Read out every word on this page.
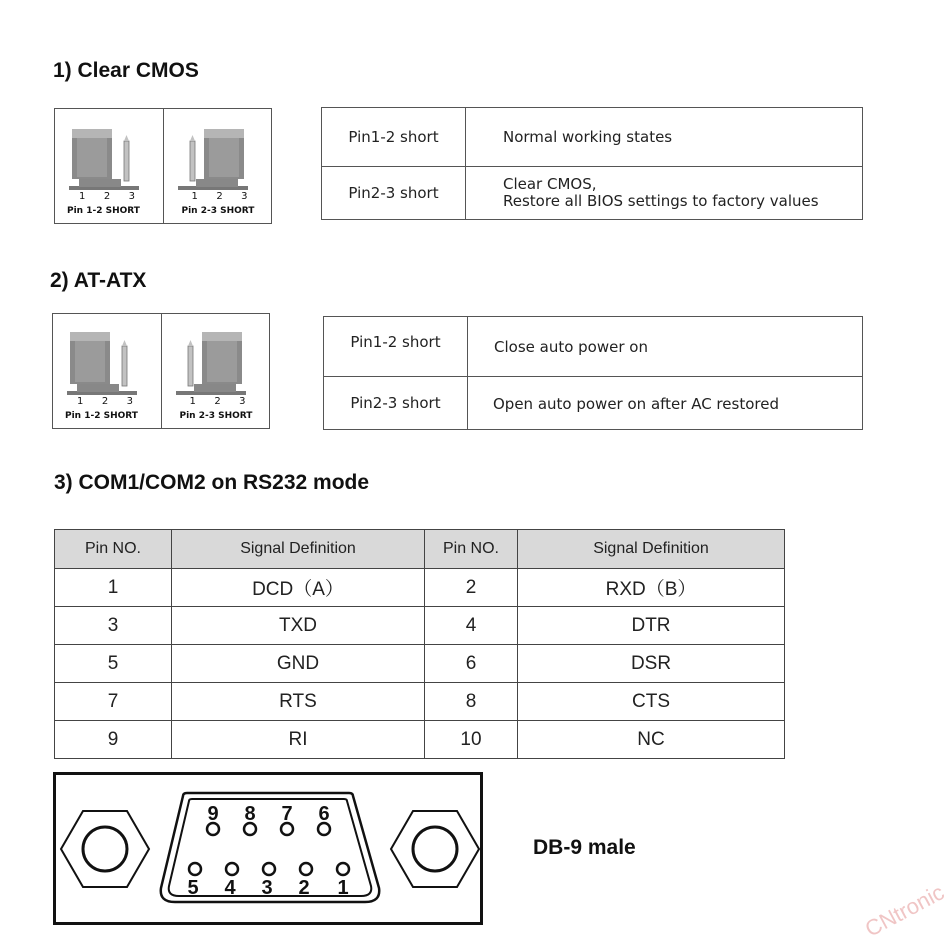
1) Clear CMOS
1 2 3
Pin 1-2 SHORT
1 2 3
Pin 2-3 SHORT
Pin1-2 short	Normal working states
Pin2-3 short	Clear CMOS,
Restore all BIOS settings to factory values
2) AT-ATX
1 2 3
Pin 1-2 SHORT
1 2 3
Pin 2-3 SHORT
Pin1-2 short	Close auto power on
Pin2-3 short	Open auto power on after AC restored
3) COM1/COM2 on RS232 mode
Pin NO.	Signal Definition	Pin NO.	Signal Definition
1	DCD（A）	2	RXD（B）
3	TXD	4	DTR
5	GND	6	DSR
7	RTS	8	CTS
9	RI	10	NC
9 8 7 6
5 4 3 2 1
DB-9 male
CNtronic
